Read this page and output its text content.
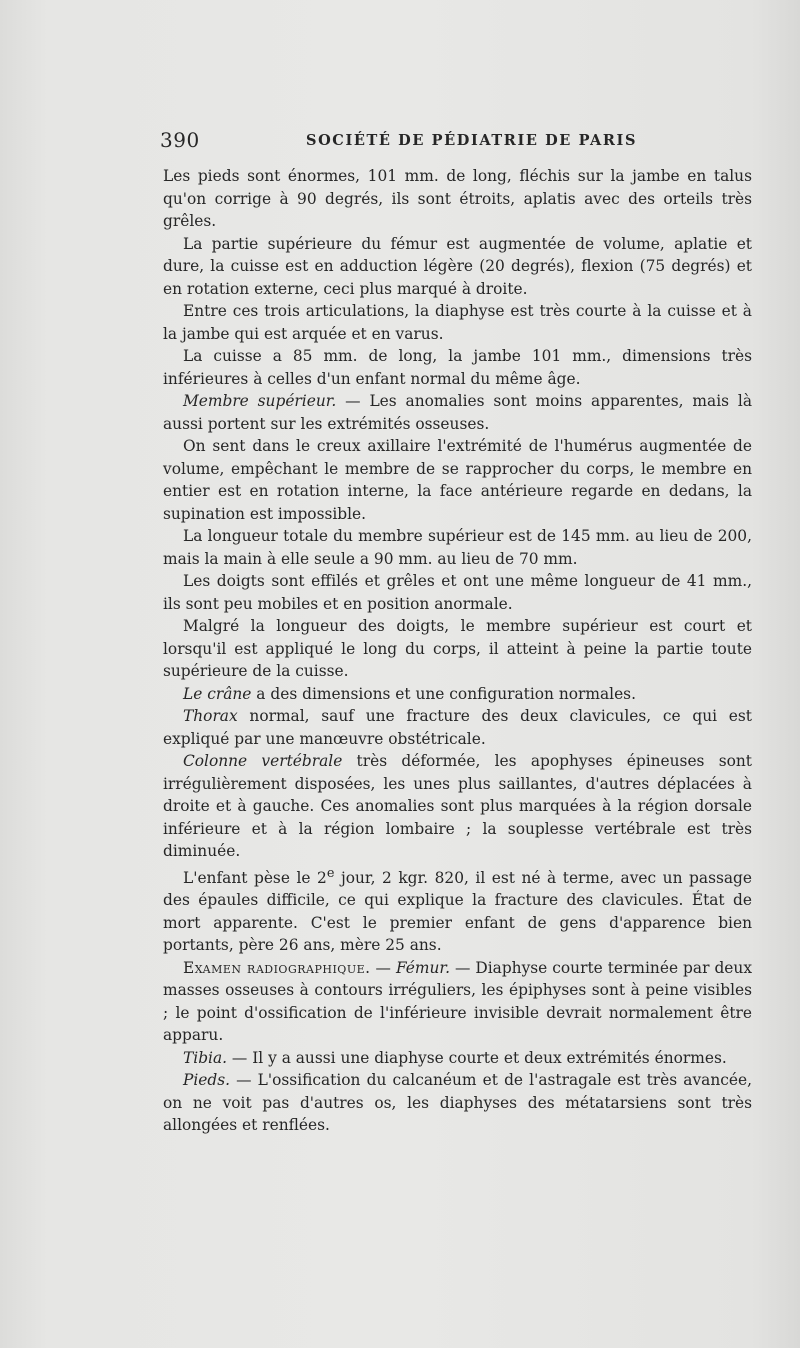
390	SOCIÉTÉ DE PÉDIATRIE DE PARIS

Les pieds sont énormes, 101 mm. de long, fléchis sur la jambe en talus qu'on corrige à 90 degrés, ils sont étroits, aplatis avec des orteils très grêles.

La partie supérieure du fémur est augmentée de volume, aplatie et dure, la cuisse est en adduction légère (20 degrés), flexion (75 degrés) et en rotation externe, ceci plus marqué à droite.

Entre ces trois articulations, la diaphyse est très courte à la cuisse et à la jambe qui est arquée et en varus.

La cuisse a 85 mm. de long, la jambe 101 mm., dimensions très inférieures à celles d'un enfant normal du même âge.

Membre supérieur. — Les anomalies sont moins apparentes, mais là aussi portent sur les extrémités osseuses.

On sent dans le creux axillaire l'extrémité de l'humérus augmentée de volume, empêchant le membre de se rapprocher du corps, le membre en entier est en rotation interne, la face antérieure regarde en dedans, la supination est impossible.

La longueur totale du membre supérieur est de 145 mm. au lieu de 200, mais la main à elle seule a 90 mm. au lieu de 70 mm.

Les doigts sont effilés et grêles et ont une même longueur de 41 mm., ils sont peu mobiles et en position anormale.

Malgré la longueur des doigts, le membre supérieur est court et lorsqu'il est appliqué le long du corps, il atteint à peine la partie toute supérieure de la cuisse.

Le crâne a des dimensions et une configuration normales.

Thorax normal, sauf une fracture des deux clavicules, ce qui est expliqué par une manœuvre obstétricale.

Colonne vertébrale très déformée, les apophyses épineuses sont irrégulièrement disposées, les unes plus saillantes, d'autres déplacées à droite et à gauche. Ces anomalies sont plus marquées à la région dorsale inférieure et à la région lombaire ; la souplesse vertébrale est très diminuée.

L'enfant pèse le 2e jour, 2 kgr. 820, il est né à terme, avec un passage des épaules difficile, ce qui explique la fracture des clavicules. État de mort apparente. C'est le premier enfant de gens d'apparence bien portants, père 26 ans, mère 25 ans.

Examen radiographique. — Fémur. — Diaphyse courte terminée par deux masses osseuses à contours irréguliers, les épiphyses sont à peine visibles ; le point d'ossification de l'inférieure invisible devrait normalement être apparu.

Tibia. — Il y a aussi une diaphyse courte et deux extrémités énormes.

Pieds. — L'ossification du calcanéum et de l'astragale est très avancée, on ne voit pas d'autres os, les diaphyses des métatarsiens sont très allongées et renflées.
